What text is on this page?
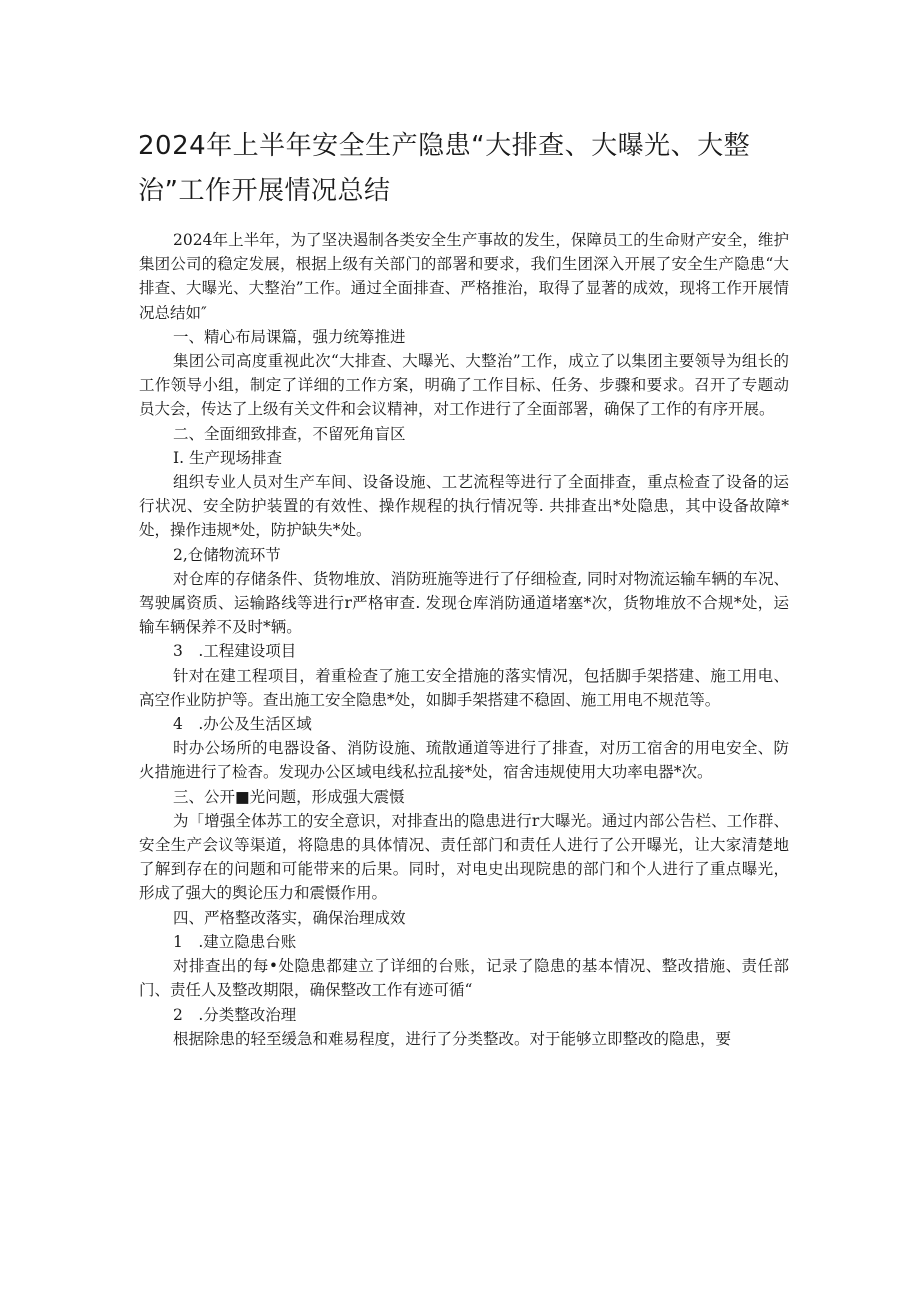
2024年上半年安全生产隐患“大排查、大曝光、大整治”工作开展情况总结

2024年上半年，为了坚决遏制各类安全生产事故的发生，保障员工的生命财产安全，维护集团公司的稳定发展，根据上级有关部门的部署和要求，我们生团深入开展了安全生产隐患“大排查、大曝光、大整治”工作。通过全面排查、严格推治，取得了显著的成效，现将工作开展情况总结如″

一、精心布局课篇，强力统筹推进

集团公司高度重视此次“大排查、大曝光、大整治”工作，成立了以集团主要领导为组长的工作领导小组，制定了详细的工作方案，明确了工作目标、任务、步骤和要求。召开了专题动员大会，传达了上级有关文件和会议精神，对工作进行了全面部署，确保了工作的有序开展。

二、全面细致排查，不留死角盲区

I. 生产现场排查

组织专业人员对生产车间、设备设施、工艺流程等进行了全面排查，重点检查了设备的运行状况、安全防护装置的有效性、操作规程的执行情况等. 共排查出*处隐患，其中设备故障*处，操作违规*处，防护缺失*处。

2,仓储物流环节

对仓库的存储条件、货物堆放、消防班施等进行了仔细检查, 同时对物流运输车辆的车况、驾驶属资质、运输路线等进行r严格审查. 发现仓库消防通道堵塞*次，货物堆放不合规*处，运输车辆保养不及时*辆。

3　.工程建设项目

针对在建工程项目，着重检查了施工安全措施的落实情况，包括脚手架搭建、施工用电、高空作业防护等。查出施工安全隐患*处，如脚手架搭建不稳固、施工用电不规范等。

4　.办公及生活区域

时办公场所的电器设备、消防设施、琉散通道等进行了排查，对历工宿舍的用电安全、防火措施进行了检杳。发现办公区域电线私拉乱接*处，宿舍违规使用大功率电器*次。

三、公开■光问题，形成强大震慑

为「增强全体苏工的安全意识，对排查出的隐患进行r大曝光。通过内部公告栏、工作群、安全生产会议等渠道，将隐患的具体情况、责任部门和责任人进行了公开曝光，让大家清楚地了解到存在的问题和可能带来的后果。同时，对电史出现院患的部门和个人进行了重点曝光，形成了强大的舆论压力和震慑作用。

四、严格整改落实，确保治理成效

1　.建立隐患台账

对排查出的每•处隐患都建立了详细的台账，记录了隐患的基本情况、整改措施、责任部门、责任人及整改期限，确保整改工作有迹可循“

2　.分类整改治理

根据除患的轻至缓急和难易程度，进行了分类整改。对于能够立即整改的隐患，要
